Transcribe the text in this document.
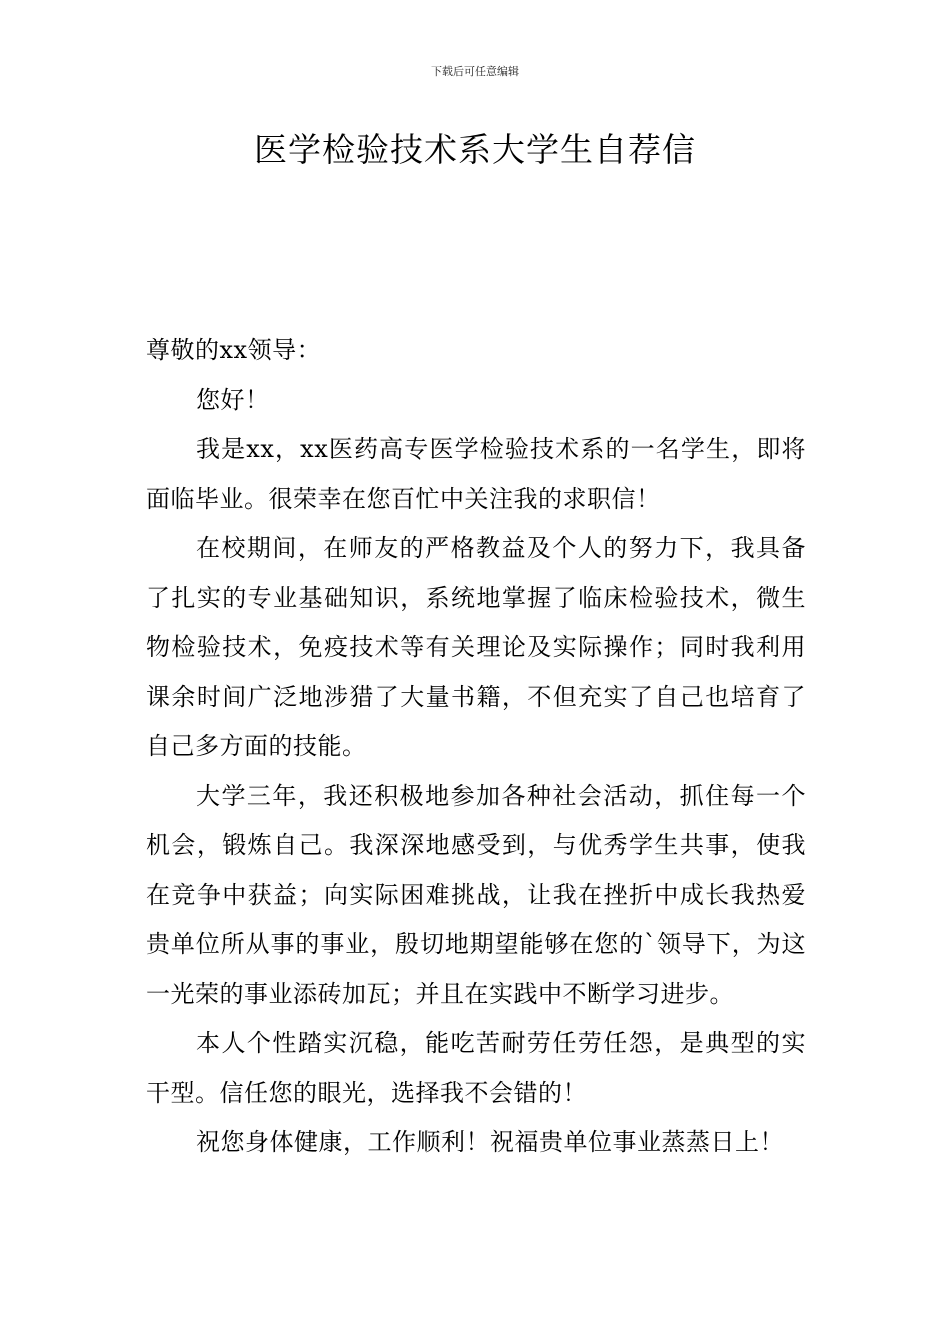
下载后可任意编辑
医学检验技术系大学生自荐信

尊敬的xx领导：

您好！

我是xx，xx医药高专医学检验技术系的一名学生，即将面临毕业。很荣幸在您百忙中关注我的求职信！

在校期间，在师友的严格教益及个人的努力下，我具备了扎实的专业基础知识，系统地掌握了临床检验技术，微生物检验技术，免疫技术等有关理论及实际操作；同时我利用课余时间广泛地涉猎了大量书籍，不但充实了自己也培育了自己多方面的技能。

大学三年，我还积极地参加各种社会活动，抓住每一个机会，锻炼自己。我深深地感受到，与优秀学生共事，使我在竞争中获益；向实际困难挑战，让我在挫折中成长我热爱贵单位所从事的事业，殷切地期望能够在您的`领导下，为这一光荣的事业添砖加瓦；并且在实践中不断学习进步。

本人个性踏实沉稳，能吃苦耐劳任劳任怨，是典型的实干型。信任您的眼光，选择我不会错的！

祝您身体健康，工作顺利！祝福贵单位事业蒸蒸日上！
